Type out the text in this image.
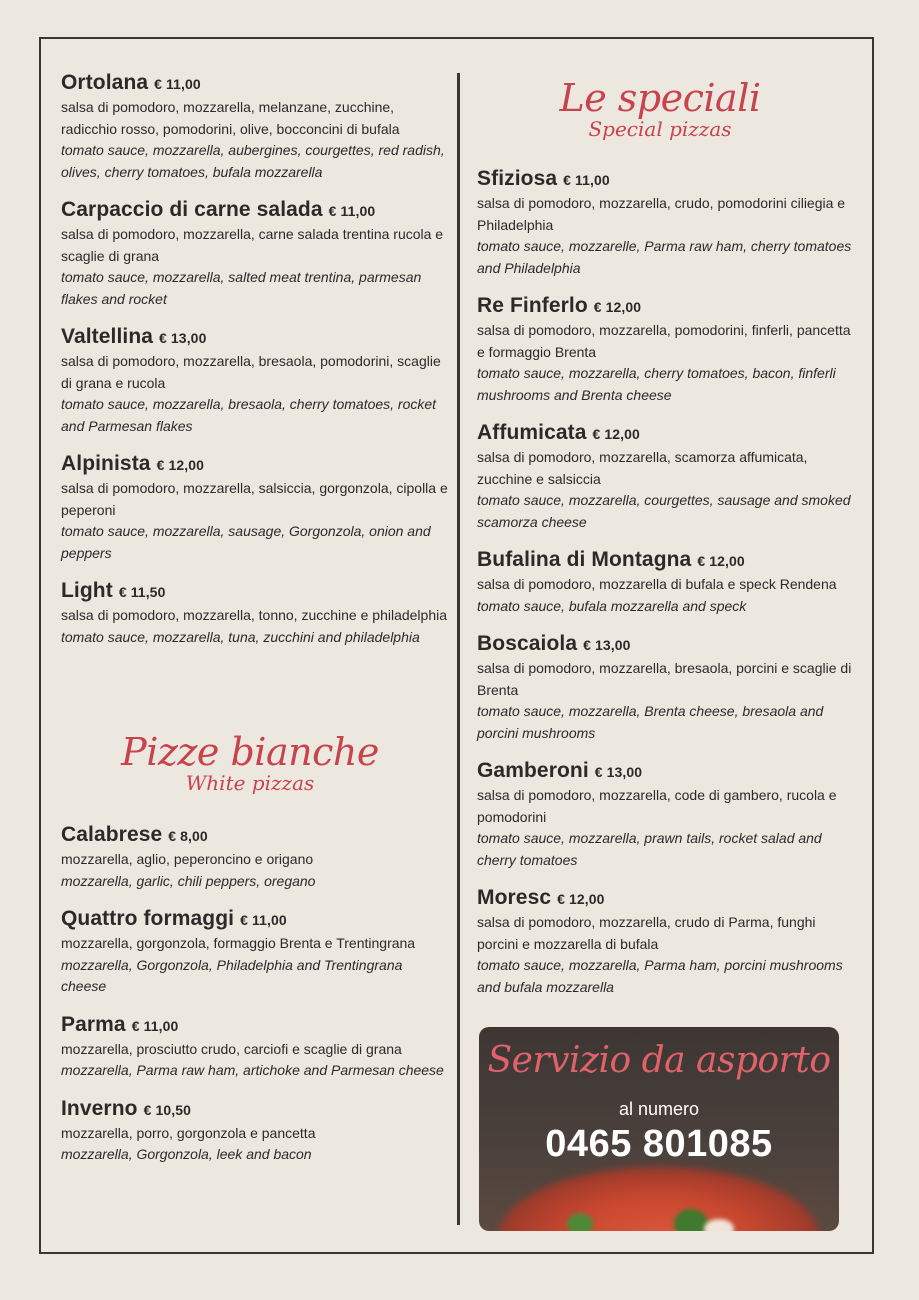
Ortolana € 11,00
salsa di pomodoro, mozzarella, melanzane, zucchine, radicchio rosso, pomodorini, olive, bocconcini di bufala
tomato sauce, mozzarella, aubergines, courgettes, red radish, olives, cherry tomatoes, bufala mozzarella
Carpaccio di carne salada € 11,00
salsa di pomodoro, mozzarella, carne salada trentina rucola e scaglie di grana
tomato sauce, mozzarella, salted meat trentina, parmesan flakes and rocket
Valtellina € 13,00
salsa di pomodoro, mozzarella, bresaola, pomodorini, scaglie di grana e rucola
tomato sauce, mozzarella, bresaola, cherry tomatoes, rocket and Parmesan flakes
Alpinista € 12,00
salsa di pomodoro, mozzarella, salsiccia, gorgonzola, cipolla e peperoni
tomato sauce, mozzarella, sausage, Gorgonzola, onion and peppers
Light € 11,50
salsa di pomodoro, mozzarella, tonno, zucchine e philadelphia
tomato sauce, mozzarella, tuna, zucchini and philadelphia
Pizze bianche
White pizzas
Calabrese € 8,00
mozzarella, aglio, peperoncino e origano
mozzarella, garlic, chili peppers, oregano
Quattro formaggi € 11,00
mozzarella, gorgonzola, formaggio Brenta e Trentingrana
mozzarella, Gorgonzola, Philadelphia and Trentingrana cheese
Parma € 11,00
mozzarella, prosciutto crudo, carciofi e scaglie di grana
mozzarella, Parma raw ham, artichoke and Parmesan cheese
Inverno € 10,50
mozzarella, porro, gorgonzola e pancetta
mozzarella, Gorgonzola, leek and bacon
Le speciali
Special pizzas
Sfiziosa € 11,00
salsa di pomodoro, mozzarella, crudo, pomodorini ciliegia e Philadelphia
tomato sauce, mozzarelle, Parma raw ham, cherry tomatoes and Philadelphia
Re Finferlo € 12,00
salsa di pomodoro, mozzarella, pomodorini, finferli, pancetta e formaggio Brenta
tomato sauce, mozzarella, cherry tomatoes, bacon, finferli mushrooms and Brenta cheese
Affumicata € 12,00
salsa di pomodoro, mozzarella, scamorza affumicata, zucchine e salsiccia
tomato sauce, mozzarella, courgettes, sausage and smoked scamorza cheese
Bufalina di Montagna € 12,00
salsa di pomodoro, mozzarella di bufala e speck Rendena
tomato sauce, bufala mozzarella and speck
Boscaiola € 13,00
salsa di pomodoro, mozzarella, bresaola, porcini e scaglie di Brenta
tomato sauce, mozzarella, Brenta cheese, bresaola and porcini mushrooms
Gamberoni € 13,00
salsa di pomodoro, mozzarella, code di gambero, rucola e pomodorini
tomato sauce, mozzarella, prawn tails, rocket salad and cherry tomatoes
Moresc € 12,00
salsa di pomodoro, mozzarella, crudo di Parma, funghi porcini e mozzarella di bufala
tomato sauce, mozzarella, Parma ham, porcini mushrooms and bufala mozzarella
Servizio da asporto
al numero
0465 801085
